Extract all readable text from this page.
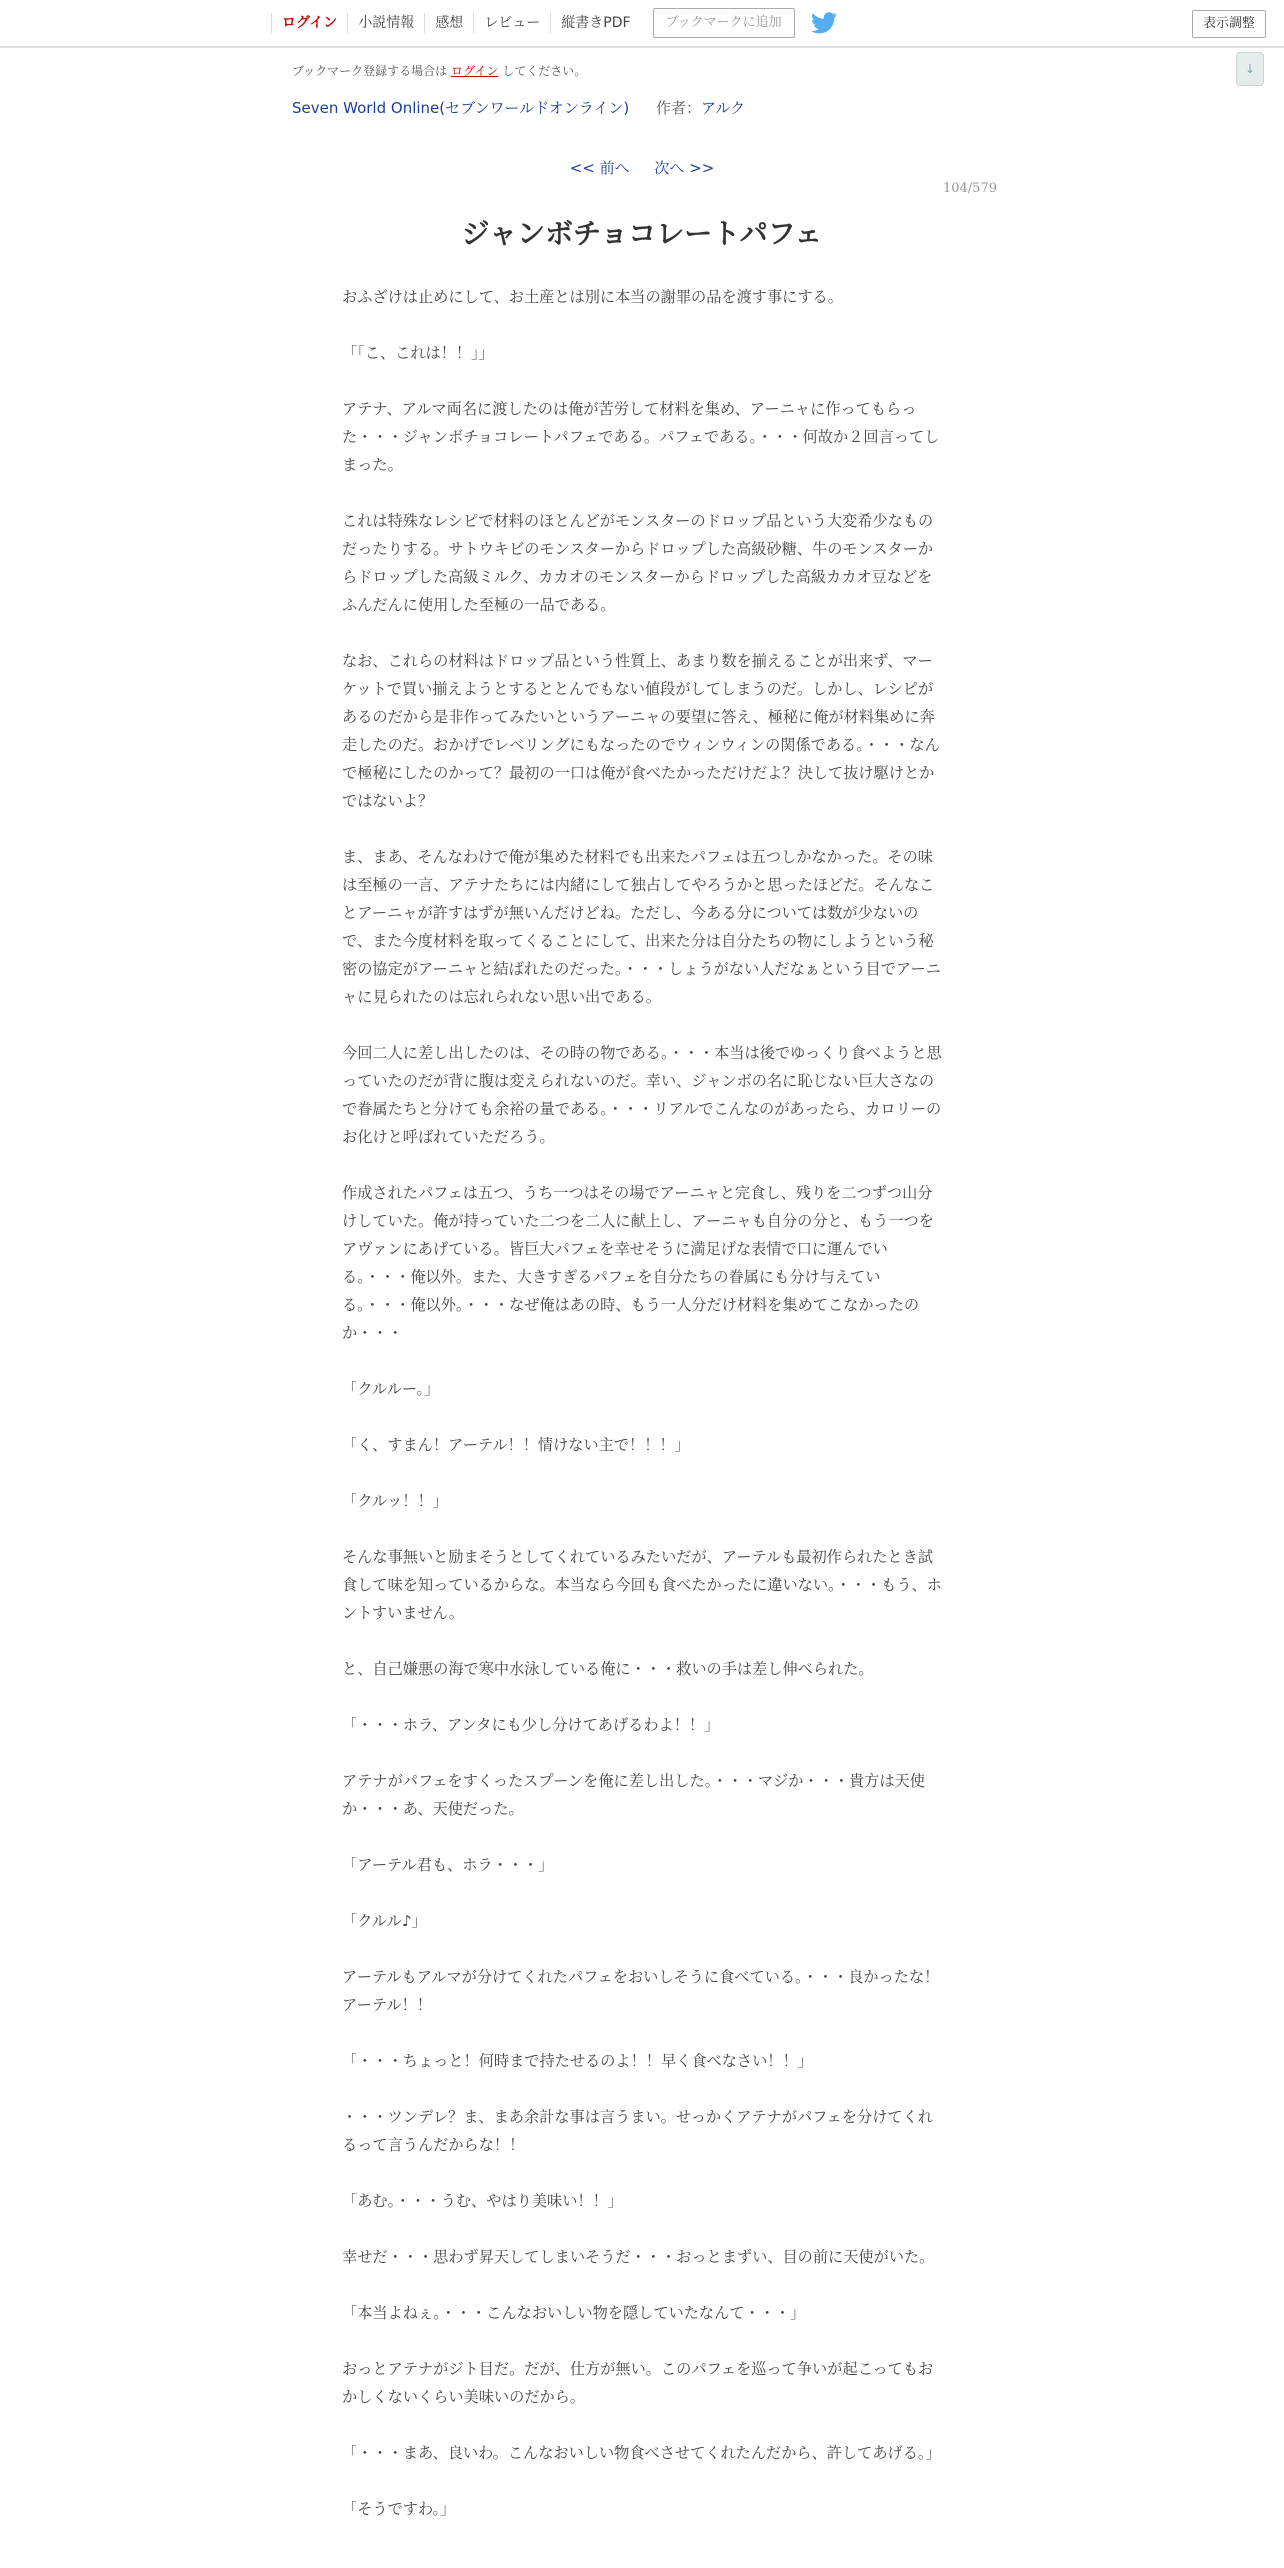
ログイン	小説情報	感想	レビュー	縦書きPDF	ブックマークに追加	表示調整
↓
ブックマーク登録する場合は ログイン してください。
Seven World Online(セブンワールドオンライン) 作者：アルク
<< 前へ 次へ >>
104/579
ジャンボチョコレートパフェ

おふざけは止めにして、お土産とは別に本当の謝罪の品を渡す事にする。

「「こ、これは！！」」

アテナ、アルマ両名に渡したのは俺が苦労して材料を集め、アーニャに作ってもらった・・・ジャンボチョコレートパフェである。パフェである。・・・何故か２回言ってしまった。

これは特殊なレシピで材料のほとんどがモンスターのドロップ品という大変希少なものだったりする。サトウキビのモンスターからドロップした高級砂糖、牛のモンスターからドロップした高級ミルク、カカオのモンスターからドロップした高級カカオ豆などをふんだんに使用した至極の一品である。

なお、これらの材料はドロップ品という性質上、あまり数を揃えることが出来ず、マーケットで買い揃えようとするととんでもない値段がしてしまうのだ。しかし、レシピがあるのだから是非作ってみたいというアーニャの要望に答え、極秘に俺が材料集めに奔走したのだ。おかげでレベリングにもなったのでウィンウィンの関係である。・・・なんで極秘にしたのかって？最初の一口は俺が食べたかっただけだよ？決して抜け駆けとかではないよ？

ま、まあ、そんなわけで俺が集めた材料でも出来たパフェは五つしかなかった。その味は至極の一言、アテナたちには内緒にして独占してやろうかと思ったほどだ。そんなことアーニャが許すはずが無いんだけどね。ただし、今ある分については数が少ないので、また今度材料を取ってくることにして、出来た分は自分たちの物にしようという秘密の協定がアーニャと結ばれたのだった。・・・しょうがない人だなぁという目でアーニャに見られたのは忘れられない思い出である。

今回二人に差し出したのは、その時の物である。・・・本当は後でゆっくり食べようと思っていたのだが背に腹は変えられないのだ。幸い、ジャンボの名に恥じない巨大さなので眷属たちと分けても余裕の量である。・・・リアルでこんなのがあったら、カロリーのお化けと呼ばれていただろう。

作成されたパフェは五つ、うち一つはその場でアーニャと完食し、残りを二つずつ山分けしていた。俺が持っていた二つを二人に献上し、アーニャも自分の分と、もう一つをアヴァンにあげている。皆巨大パフェを幸せそうに満足げな表情で口に運んでいる。・・・俺以外。また、大きすぎるパフェを自分たちの眷属にも分け与えている。・・・俺以外。・・・なぜ俺はあの時、もう一人分だけ材料を集めてこなかったのか・・・

「クルルー。」

「く、すまん！アーテル！！情けない主で！！！」

「クルッ！！」

そんな事無いと励まそうとしてくれているみたいだが、アーテルも最初作られたとき試食して味を知っているからな。本当なら今回も食べたかったに違いない。・・・もう、ホントすいません。

と、自己嫌悪の海で寒中水泳している俺に・・・救いの手は差し伸べられた。

「・・・ホラ、アンタにも少し分けてあげるわよ！！」

アテナがパフェをすくったスプーンを俺に差し出した。・・・マジか・・・貴方は天使か・・・あ、天使だった。

「アーテル君も、ホラ・・・」

「クルル♪」

アーテルもアルマが分けてくれたパフェをおいしそうに食べている。・・・良かったな！アーテル！！

「・・・ちょっと！何時まで持たせるのよ！！早く食べなさい！！」

・・・ツンデレ？ま、まあ余計な事は言うまい。せっかくアテナがパフェを分けてくれるって言うんだからな！！

「あむ。・・・うむ、やはり美味い！！」

幸せだ・・・思わず昇天してしまいそうだ・・・おっとまずい、目の前に天使がいた。

「本当よねぇ。・・・こんなおいしい物を隠していたなんて・・・」

おっとアテナがジト目だ。だが、仕方が無い。このパフェを巡って争いが起こってもおかしくないくらい美味いのだから。

「・・・まあ、良いわ。こんなおいしい物食べさせてくれたんだから、許してあげる。」

「そうですわ。」
